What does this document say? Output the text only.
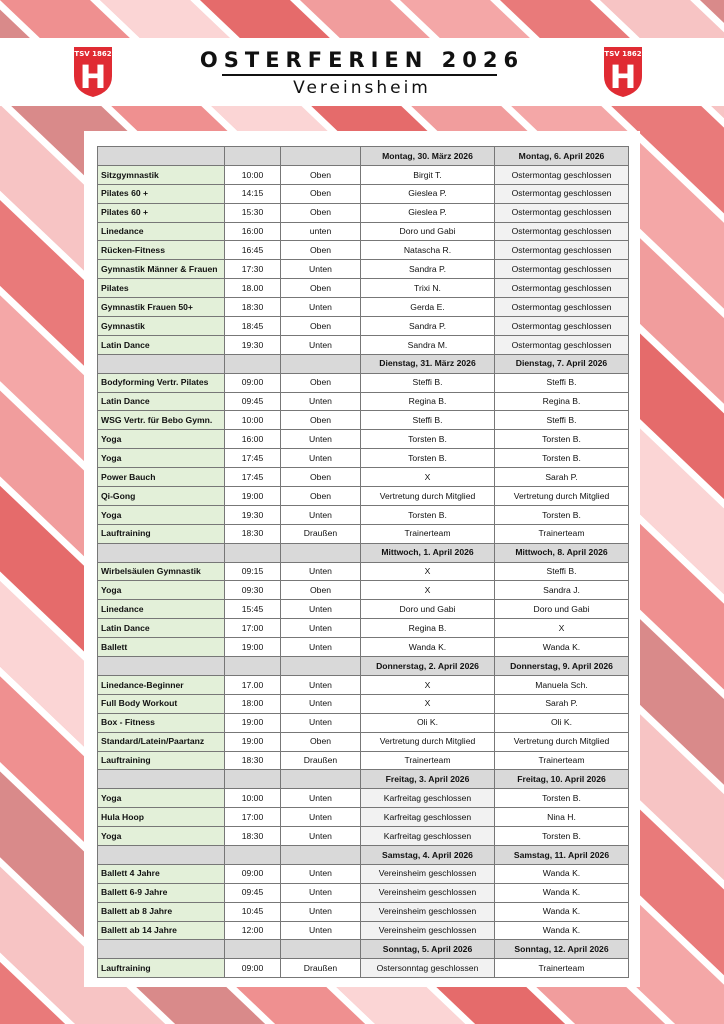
TSV 1862
H
TSV 1862
H
OSTERFERIEN 2026
Vereinsheim
			Montag, 30. März 2026	Montag, 6. April 2026
Sitzgymnastik	10:00	Oben	Birgit T.	Ostermontag geschlossen
Pilates 60 +	14:15	Oben	Gieslea P.	Ostermontag geschlossen
Pilates 60 +	15:30	Oben	Gieslea P.	Ostermontag geschlossen
Linedance	16:00	unten	Doro und Gabi	Ostermontag geschlossen
Rücken-Fitness	16:45	Oben	Natascha R.	Ostermontag geschlossen
Gymnastik Männer & Frauen	17:30	Unten	Sandra P.	Ostermontag geschlossen
Pilates	18.00	Oben	Trixi N.	Ostermontag geschlossen
Gymnastik Frauen 50+	18:30	Unten	Gerda E.	Ostermontag geschlossen
Gymnastik	18:45	Oben	Sandra P.	Ostermontag geschlossen
Latin Dance	19:30	Unten	Sandra M.	Ostermontag geschlossen
			Dienstag, 31. März 2026	Dienstag, 7. April 2026
Bodyforming Vertr. Pilates	09:00	Oben	Steffi B.	Steffi B.
Latin Dance	09:45	Unten	Regina B.	Regina B.
WSG Vertr. für Bebo Gymn.	10:00	Oben	Steffi B.	Steffi B.
Yoga	16:00	Unten	Torsten B.	Torsten B.
Yoga	17:45	Unten	Torsten B.	Torsten B.
Power Bauch	17:45	Oben	X	Sarah P.
Qi-Gong	19:00	Oben	Vertretung durch Mitglied	Vertretung durch Mitglied
Yoga	19:30	Unten	Torsten B.	Torsten B.
Lauftraining	18:30	Draußen	Trainerteam	Trainerteam
			Mittwoch, 1. April 2026	Mittwoch, 8. April 2026
Wirbelsäulen Gymnastik	09:15	Unten	X	Steffi B.
Yoga	09:30	Oben	X	Sandra J.
Linedance	15:45	Unten	Doro und Gabi	Doro und Gabi
Latin Dance	17:00	Unten	Regina B.	X
Ballett	19:00	Unten	Wanda K.	Wanda K.
			Donnerstag, 2. April 2026	Donnerstag, 9. April 2026
Linedance-Beginner	17.00	Unten	X	Manuela Sch.
Full Body Workout	18:00	Unten	X	Sarah P.
Box - Fitness	19:00	Unten	Oli K.	Oli K.
Standard/Latein/Paartanz	19:00	Oben	Vertretung durch Mitglied	Vertretung durch Mitglied
Lauftraining	18:30	Draußen	Trainerteam	Trainerteam
			Freitag, 3. April 2026	Freitag, 10. April 2026
Yoga	10:00	Unten	Karfreitag geschlossen	Torsten B.
Hula Hoop	17:00	Unten	Karfreitag geschlossen	Nina H.
Yoga	18:30	Unten	Karfreitag geschlossen	Torsten B.
			Samstag, 4. April 2026	Samstag, 11. April 2026
Ballett 4 Jahre	09:00	Unten	Vereinsheim geschlossen	Wanda K.
Ballett 6-9 Jahre	09:45	Unten	Vereinsheim geschlossen	Wanda K.
Ballett ab 8 Jahre	10:45	Unten	Vereinsheim geschlossen	Wanda K.
Ballett ab 14 Jahre	12:00	Unten	Vereinsheim geschlossen	Wanda K.
			Sonntag, 5. April 2026	Sonntag, 12. April 2026
Lauftraining	09:00	Draußen	Ostersonntag geschlossen	Trainerteam
